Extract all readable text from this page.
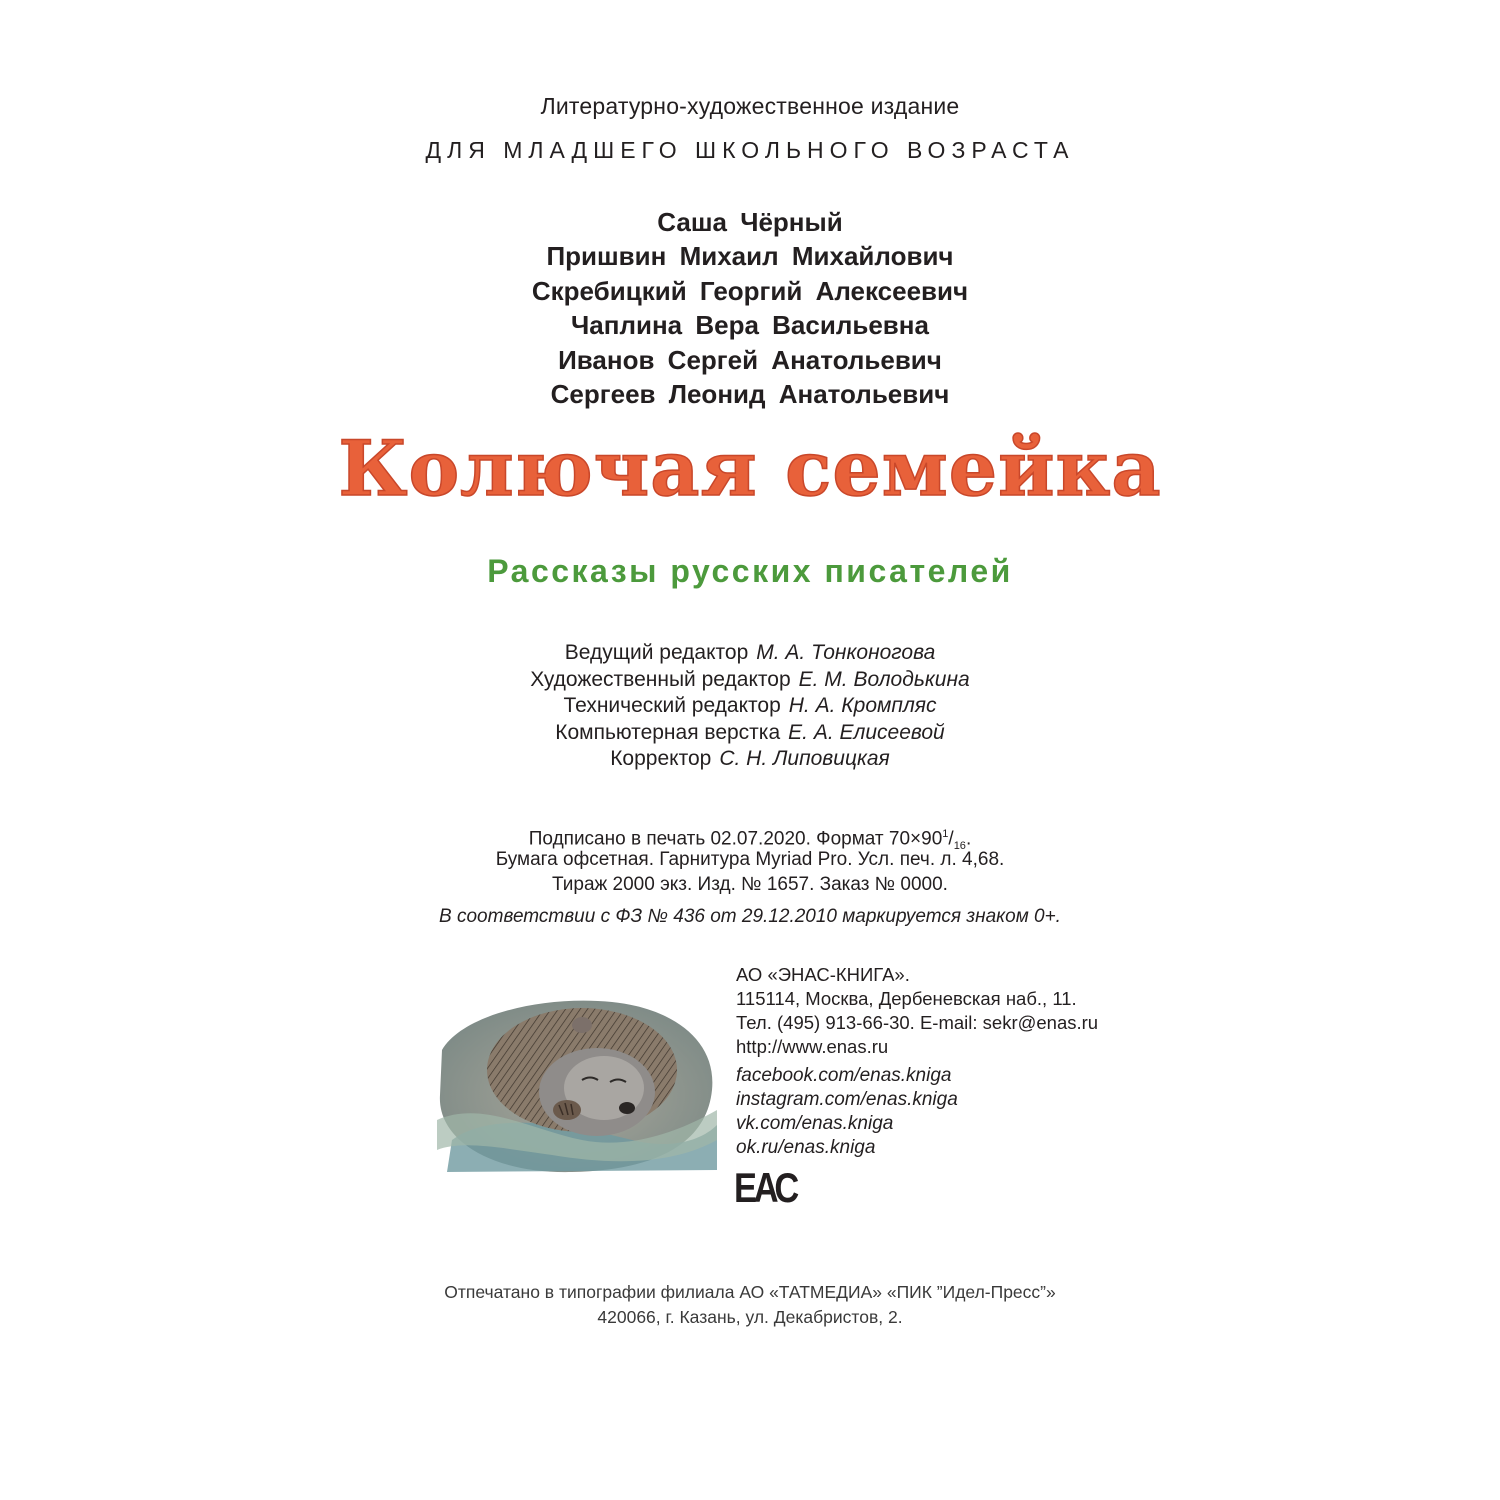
Литературно-художественное издание
ДЛЯ МЛАДШЕГО ШКОЛЬНОГО ВОЗРАСТА
Саша Чёрный
Пришвин Михаил Михайлович
Скребицкий Георгий Алексеевич
Чаплина Вера Васильевна
Иванов Сергей Анатольевич
Сергеев Леонид Анатольевич
Колючая семейка
Рассказы русских писателей
Ведущий редактор М. А. Тонконогова
Художественный редактор Е. М. Володькина
Технический редактор Н. А. Кромпляс
Компьютерная верстка Е. А. Елисеевой
Корректор С. Н. Липовицкая
Подписано в печать 02.07.2020. Формат $70\times 90^1/_{16}$.
Бумага офсетная. Гарнитура Myriad Pro. Усл. печ. л. 4,68.
Тираж 2000 экз. Изд. № 1657. Заказ № 0000.
В соответствии с ФЗ № 436 от 29.12.2010 маркируется знаком 0+.
АО «ЭНАС-КНИГА».
115114, Москва, Дербеневская наб., 11.
Тел. (495) 913-66-30. E-mail: sekr@enas.ru
http://www.enas.ru
facebook.com/enas.kniga
instagram.com/enas.kniga
vk.com/enas.kniga
ok.ru/enas.kniga
ЕАС
Отпечатано в типографии филиала АО «ТАТМЕДИА» «ПИК ”Идел-Пресс”»
420066, г. Казань, ул. Декабристов, 2.
